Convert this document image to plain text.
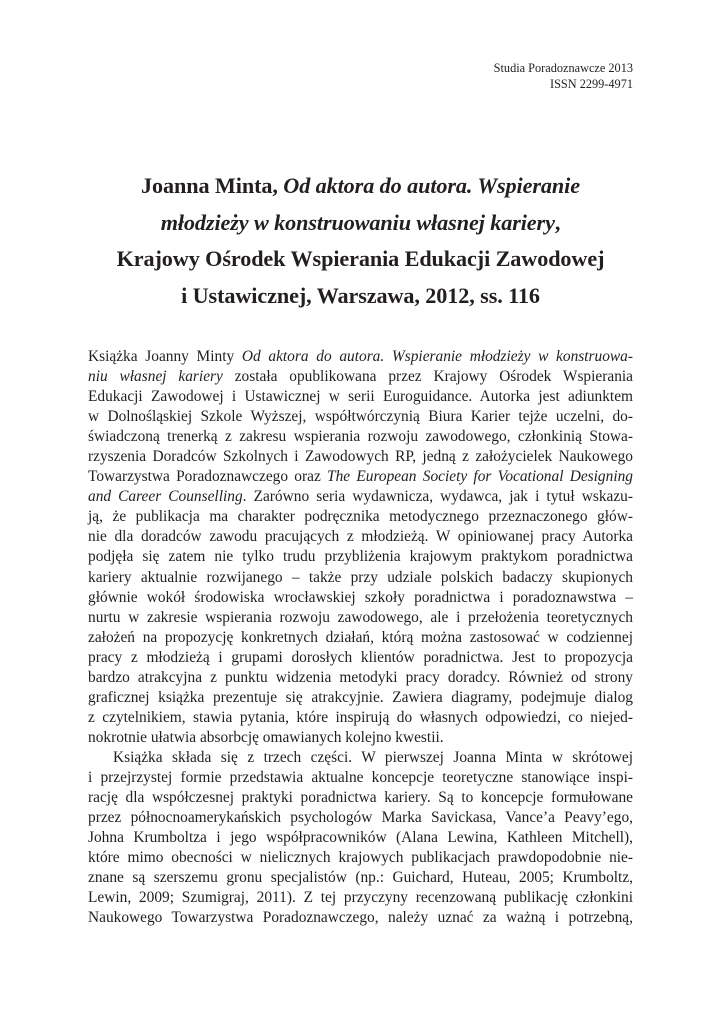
Studia Poradoznawcze 2013
ISSN 2299-4971
Joanna Minta, Od aktora do autora. Wspieranie
młodzieży w konstruowaniu własnej kariery,
Krajowy Ośrodek Wspierania Edukacji Zawodowej
i Ustawicznej, Warszawa, 2012, ss. 116
Książka Joanny Minty Od aktora do autora. Wspieranie młodzieży w konstruowa-
niu własnej kariery została opublikowana przez Krajowy Ośrodek Wspierania
Edukacji Zawodowej i Ustawicznej w serii Euroguidance. Autorka jest adiunktem
w Dolnośląskiej Szkole Wyższej, współtwórczynią Biura Karier tejże uczelni, do-
świadczoną trenerką z zakresu wspierania rozwoju zawodowego, członkinią Stowa-
rzyszenia Doradców Szkolnych i Zawodowych RP, jedną z założycielek Naukowego
Towarzystwa Poradoznawczego oraz The European Society for Vocational Designing
and Career Counselling. Zarówno seria wydawnicza, wydawca, jak i tytuł wskazu-
ją, że publikacja ma charakter podręcznika metodycznego przeznaczonego głów-
nie dla doradców zawodu pracujących z młodzieżą. W opiniowanej pracy Autorka
podjęła się zatem nie tylko trudu przybliżenia krajowym praktykom poradnictwa
kariery aktualnie rozwijanego – także przy udziale polskich badaczy skupionych
głównie wokół środowiska wrocławskiej szkoły poradnictwa i poradoznawstwa –
nurtu w zakresie wspierania rozwoju zawodowego, ale i przełożenia teoretycznych
założeń na propozycję konkretnych działań, którą można zastosować w codziennej
pracy z młodzieżą i grupami dorosłych klientów poradnictwa. Jest to propozycja
bardzo atrakcyjna z punktu widzenia metodyki pracy doradcy. Również od strony
graficznej książka prezentuje się atrakcyjnie. Zawiera diagramy, podejmuje dialog
z czytelnikiem, stawia pytania, które inspirują do własnych odpowiedzi, co niejed-
nokrotnie ułatwia absorbcję omawianych kolejno kwestii.
Książka składa się z trzech części. W pierwszej Joanna Minta w skrótowej
i przejrzystej formie przedstawia aktualne koncepcje teoretyczne stanowiące inspi-
rację dla współczesnej praktyki poradnictwa kariery. Są to koncepcje formułowane
przez północnoamerykańskich psychologów Marka Savickasa, Vance’a Peavy’ego,
Johna Krumboltza i jego współpracowników (Alana Lewina, Kathleen Mitchell),
które mimo obecności w nielicznych krajowych publikacjach prawdopodobnie nie-
znane są szerszemu gronu specjalistów (np.: Guichard, Huteau, 2005; Krumboltz,
Lewin, 2009; Szumigraj, 2011). Z tej przyczyny recenzowaną publikację członkini
Naukowego Towarzystwa Poradoznawczego, należy uznać za ważną i potrzebną,
